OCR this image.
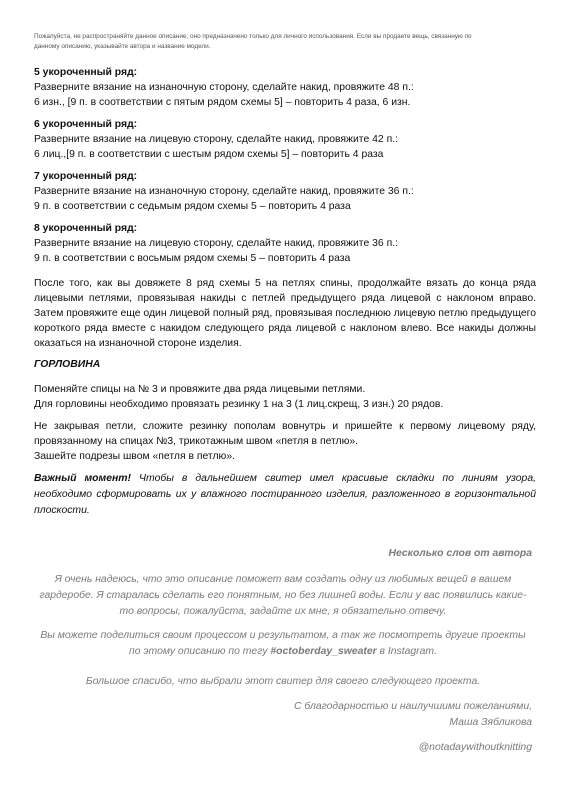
Пожалуйста, не распространяйте данное описание, оно предназначено только для личного использования. Если вы продаете вещь, связанную по
данному описанию, указывайте автора и название модели.
5 укороченный ряд:
Разверните вязание на изнаночную сторону, сделайте накид, провяжите 48 п.:
6 изн., [9 п. в соответствии с пятым рядом схемы 5] – повторить 4 раза, 6 изн.
6 укороченный ряд:
Разверните вязание на лицевую сторону, сделайте накид, провяжите 42 п.:
6 лиц.,[9 п. в соответствии с шестым рядом схемы 5] – повторить 4 раза
7 укороченный ряд:
Разверните вязание на изнаночную сторону, сделайте накид, провяжите 36 п.:
9 п. в соответствии с седьмым рядом схемы 5 – повторить 4 раза
8 укороченный ряд:
Разверните вязание на лицевую сторону, сделайте накид, провяжите 36 п.:
9 п. в соответствии с восьмым рядом схемы 5 – повторить 4 раза
После того, как вы довяжете 8 ряд схемы 5 на петлях спины, продолжайте вязать до конца ряда лицевыми петлями, провязывая накиды с петлей предыдущего ряда лицевой с наклоном вправо. Затем провяжите еще один лицевой полный ряд, провязывая последнюю лицевую петлю предыдущего короткого ряда вместе с накидом следующего ряда лицевой с наклоном влево. Все накиды должны оказаться на изнаночной стороне изделия.
ГОРЛОВИНА
Поменяйте спицы на № 3 и провяжите два ряда лицевыми петлями.
Для горловины необходимо провязать резинку 1 на 3 (1 лиц.скрещ, 3 изн.) 20 рядов.
Не закрывая петли, сложите резинку пополам вовнутрь и пришейте к первому лицевому ряду, провязанному на спицах №3, трикотажным швом «петля в петлю».
Зашейте подрезы швом «петля в петлю».
Важный момент! Чтобы в дальнейшем свитер имел красивые складки по линиям узора, необходимо сформировать их у влажного постиранного изделия, разложенного в горизонтальной плоскости.
Несколько слов от автора
Я очень надеюсь, что это описание поможет вам создать одну из любимых вещей в вашем гардеробе. Я старалась сделать его понятным, но без лишней воды. Если у вас появились какие-то вопросы, пожалуйста, задайте их мне, я обязательно отвечу.
Вы можете поделиться своим процессом и результатом, а так же посмотреть другие проекты по этому описанию по тегу #octoberday_sweater в Instagram.
Большое спасибо, что выбрали этот свитер для своего следующего проекта.
С благодарностью и наилучшими пожеланиями,
Маша Зябликова
@notadaywithoutknitting
